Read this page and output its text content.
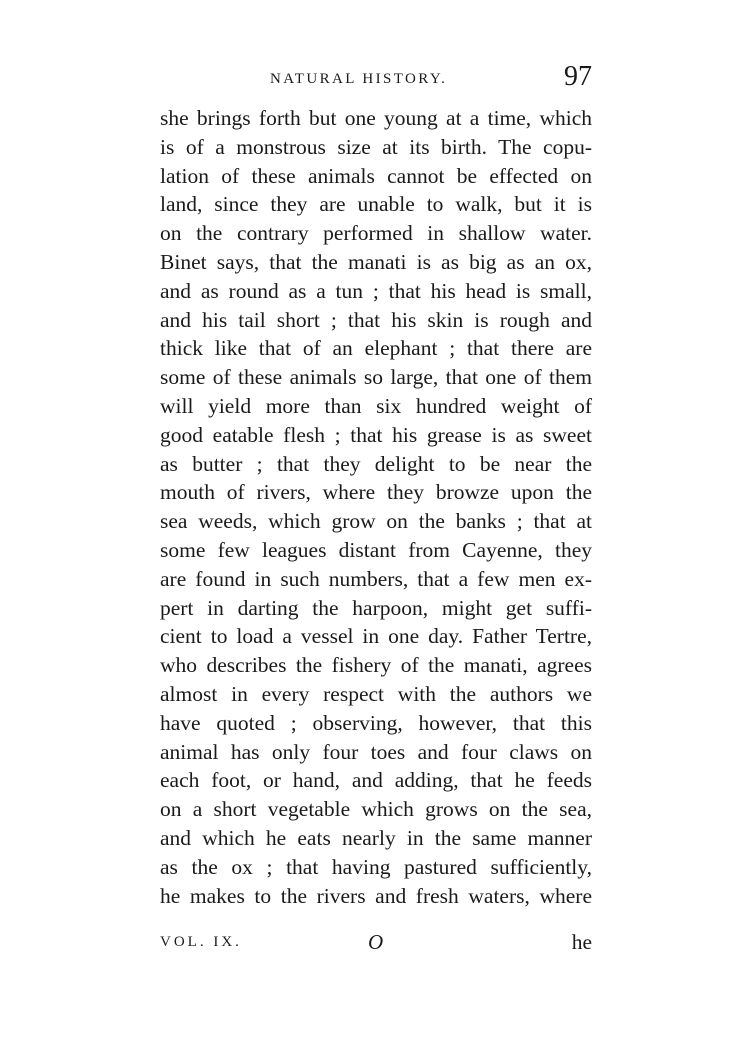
NATURAL HISTORY.	97
she brings forth but one young at a time, which
is of a monstrous size at its birth. The copu-
lation of these animals cannot be effected on
land, since they are unable to walk, but it is
on the contrary performed in shallow water.
Binet says, that the manati is as big as an ox,
and as round as a tun ; that his head is small,
and his tail short ; that his skin is rough and
thick like that of an elephant ; that there are
some of these animals so large, that one of them
will yield more than six hundred weight of
good eatable flesh ; that his grease is as sweet
as butter ; that they delight to be near the
mouth of rivers, where they browze upon the
sea weeds, which grow on the banks ; that at
some few leagues distant from Cayenne, they
are found in such numbers, that a few men ex-
pert in darting the harpoon, might get suffi-
cient to load a vessel in one day. Father Tertre,
who describes the fishery of the manati, agrees
almost in every respect with the authors we
have quoted ; observing, however, that this
animal has only four toes and four claws on
each foot, or hand, and adding, that he feeds
on a short vegetable which grows on the sea,
and which he eats nearly in the same manner
as the ox ; that having pastured sufficiently,
he makes to the rivers and fresh waters, where
VOL. IX.	O	he
